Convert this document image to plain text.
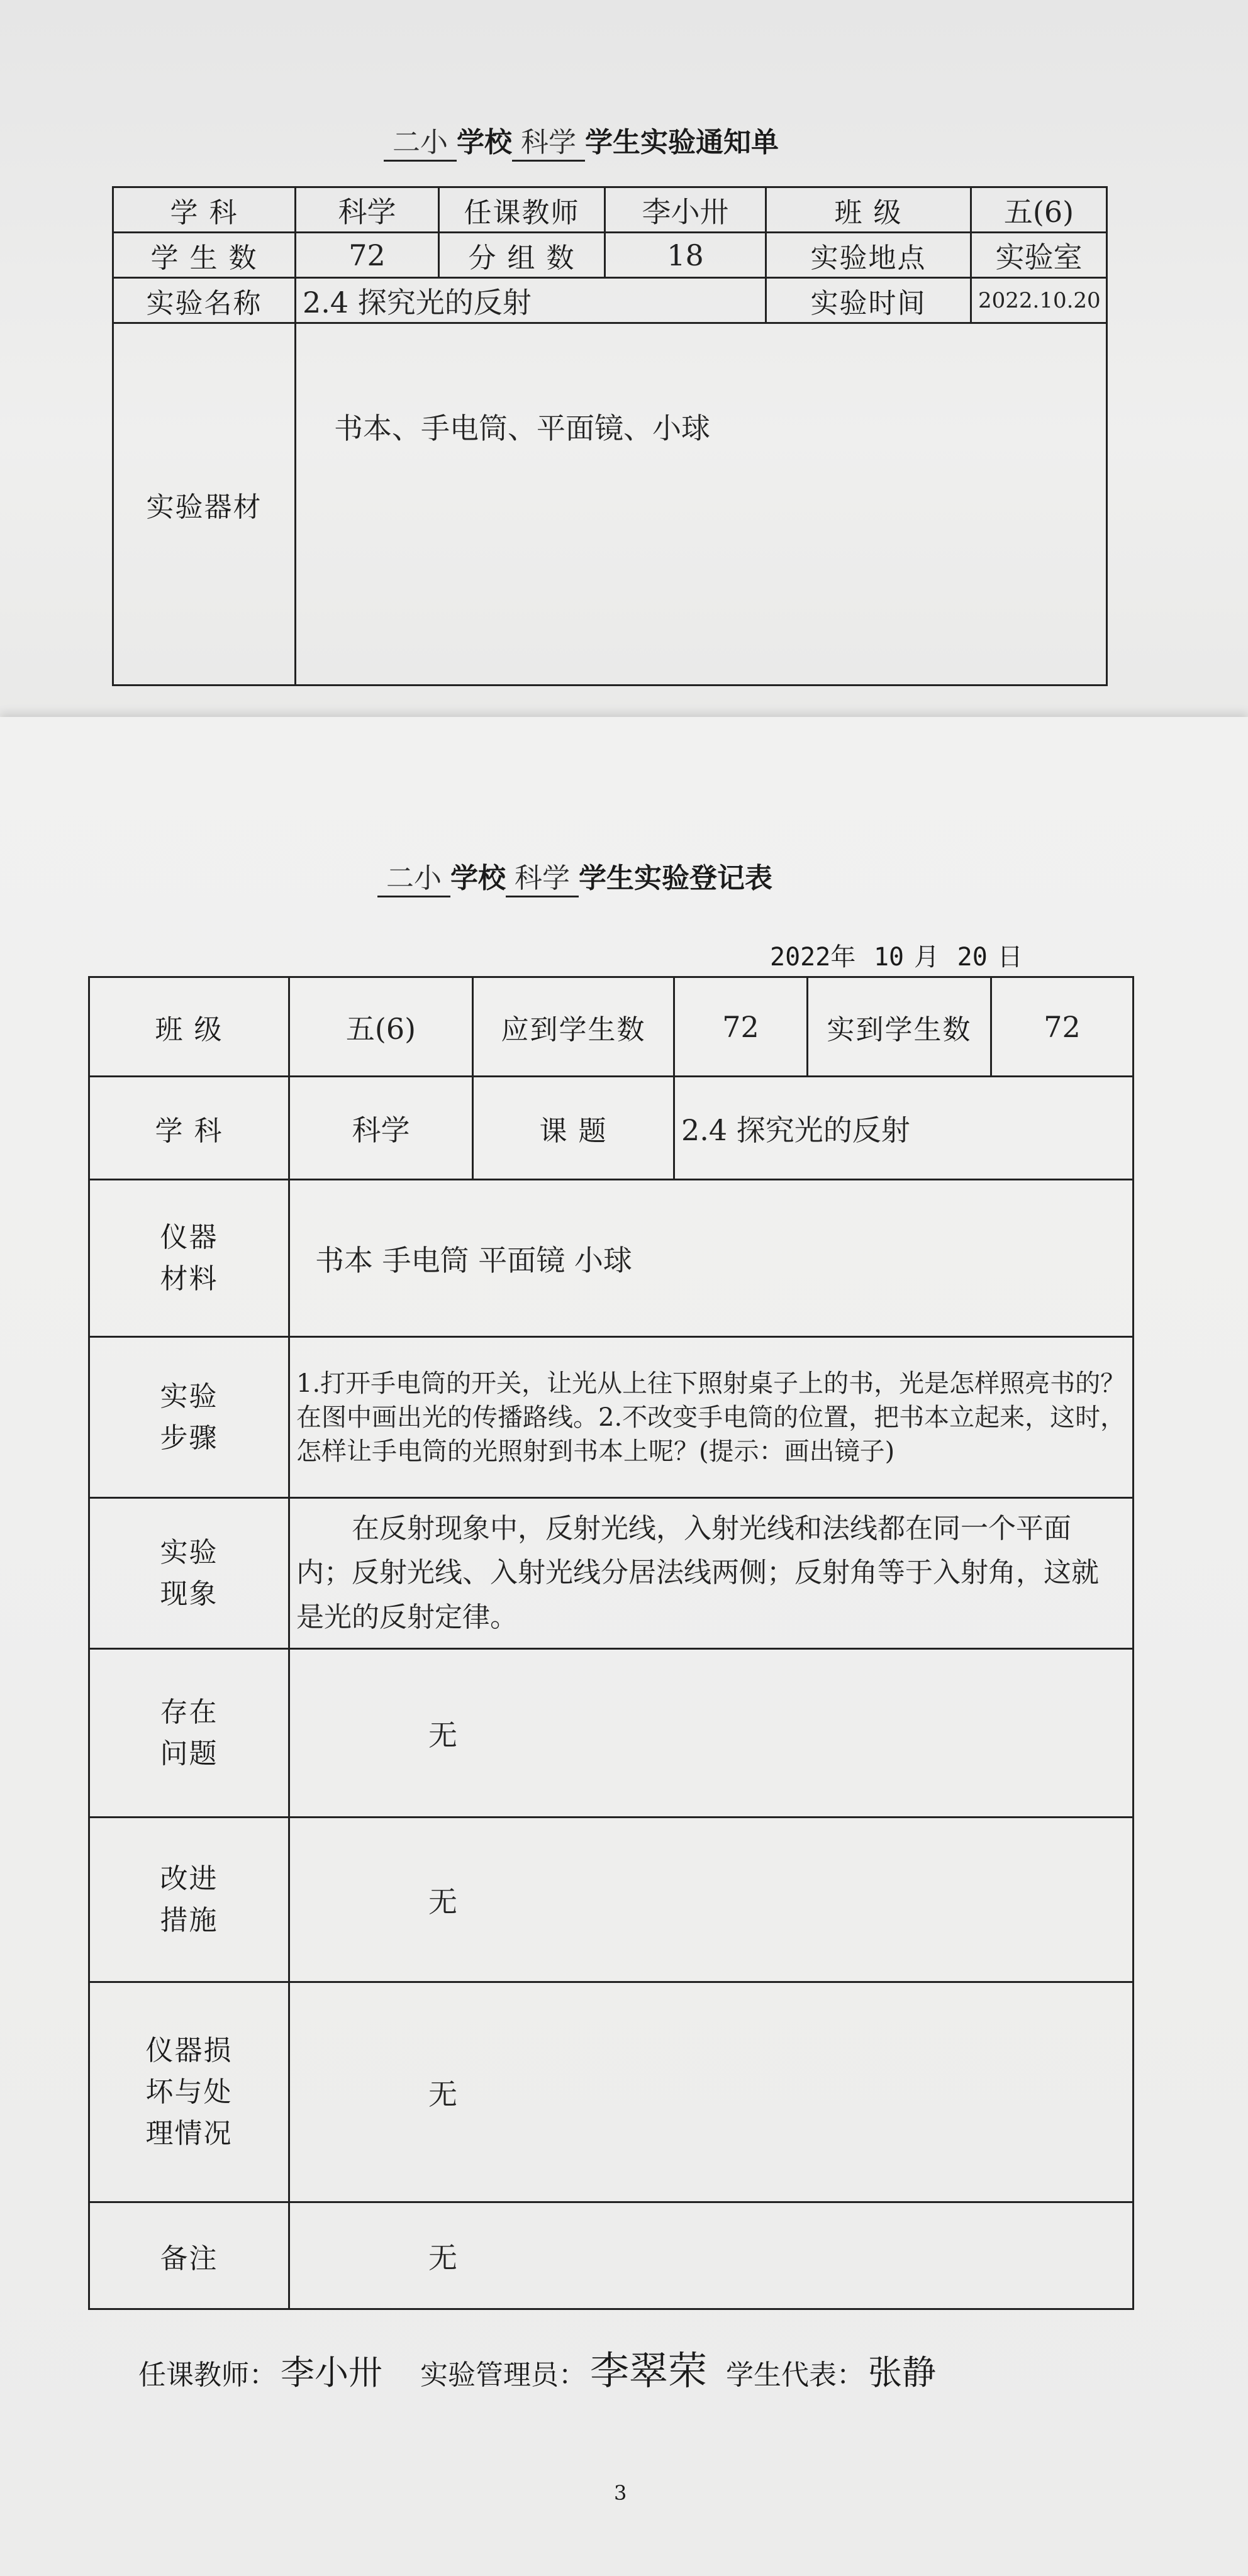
二小 学校 科学 学生实验通知单
学 科	科学	任课教师	李小卅	班 级	五(6)
学 生 数	72	分 组 数	18	实验地点	实验室
实验名称	2.4 探究光的反射			实验时间	2022.10.20
实验器材	书本、手电筒、平面镜、小球				
二小 学校 科学 学生实验登记表
2022年 10 月 20 日
班 级	五(6)	应到学生数	72	实到学生数	72
学 科	科学	课 题	2.4 探究光的反射		
仪器
材料	书本 手电筒 平面镜 小球				
实验
步骤	1.打开手电筒的开关，让光从上往下照射桌子上的书，光是怎样照亮书的？在图中画出光的传播路线。2.不改变手电筒的位置，把书本立起来，这时，怎样让手电筒的光照射到书本上呢？(提示：画出镜子)				
实验
现象	在反射现象中，反射光线，入射光线和法线都在同一个平面内；反射光线、入射光线分居法线两侧；反射角等于入射角，这就是光的反射定律。				
存在
问题	无				
改进
措施	无				
仪器损
坏与处
理情况	无				
备注	无				
任课教师： 李小卅 实验管理员：李翠荣 学生代表： 张静
3
